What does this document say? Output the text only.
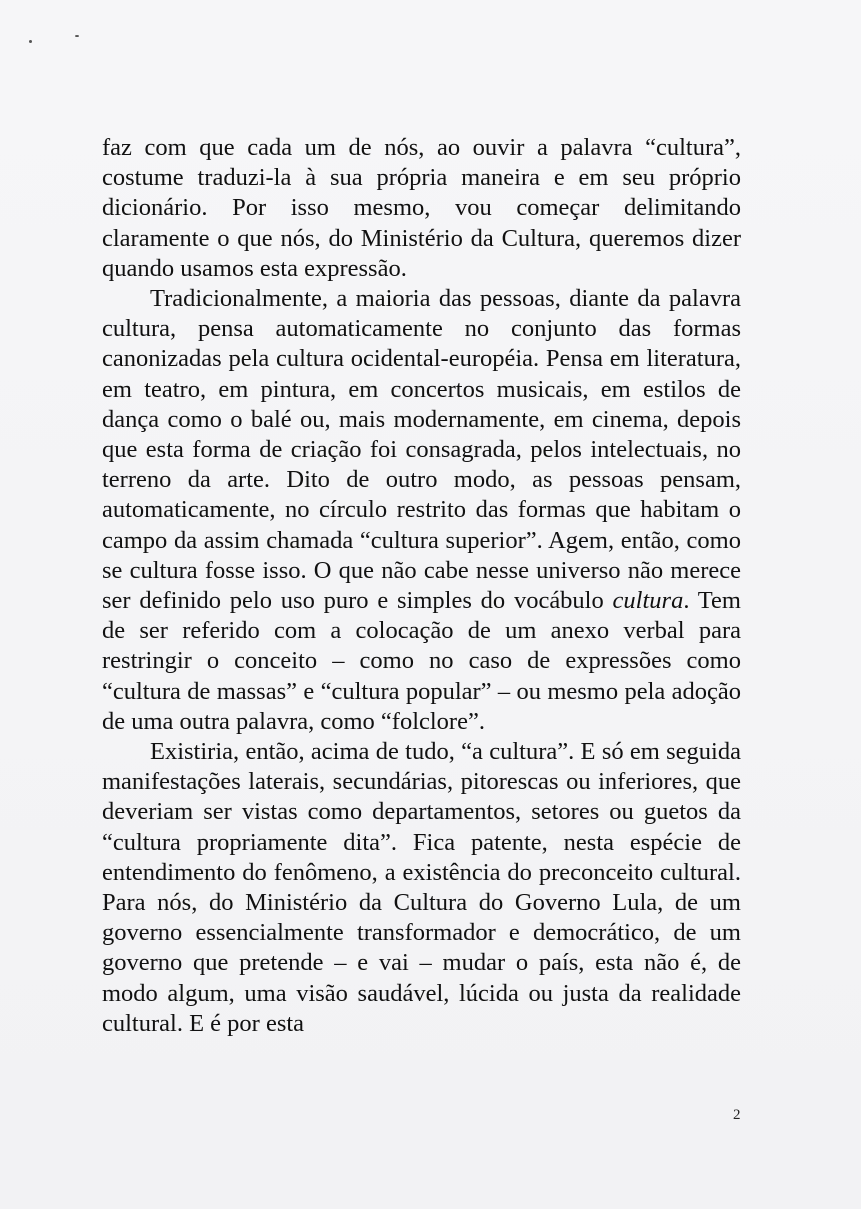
faz com que cada um de nós, ao ouvir a palavra “cultura”, costume traduzi-la à sua própria maneira e em seu próprio dicionário. Por isso mesmo, vou começar delimitando claramente o que nós, do Ministério da Cultura, queremos dizer quando usamos esta expressão.

Tradicionalmente, a maioria das pessoas, diante da palavra cultura, pensa automaticamente no conjunto das formas canonizadas pela cultura ocidental-européia. Pensa em literatura, em teatro, em pintura, em concertos musicais, em estilos de dança como o balé ou, mais modernamente, em cinema, depois que esta forma de criação foi consagrada, pelos intelectuais, no terreno da arte. Dito de outro modo, as pessoas pensam, automaticamente, no círculo restrito das formas que habitam o campo da assim chamada “cultura superior”. Agem, então, como se cultura fosse isso. O que não cabe nesse universo não merece ser definido pelo uso puro e simples do vocábulo cultura. Tem de ser referido com a colocação de um anexo verbal para restringir o conceito – como no caso de expressões como “cultura de massas” e “cultura popular” – ou mesmo pela adoção de uma outra palavra, como “folclore”.

Existiria, então, acima de tudo, “a cultura”. E só em seguida manifestações laterais, secundárias, pitorescas ou inferiores, que deveriam ser vistas como departamentos, setores ou guetos da “cultura propriamente dita”. Fica patente, nesta espécie de entendimento do fenômeno, a existência do preconceito cultural. Para nós, do Ministério da Cultura do Governo Lula, de um governo essencialmente transformador e democrático, de um governo que pretende – e vai – mudar o país, esta não é, de modo algum, uma visão saudável, lúcida ou justa da realidade cultural. E é por esta

2
